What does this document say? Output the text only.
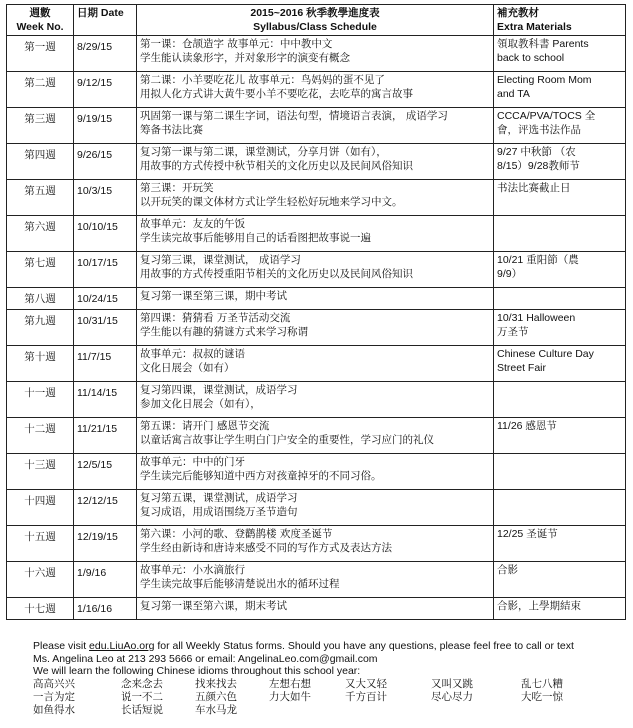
週數
Week No.	日期 Date	2015~2016 秋季教學進度表
Syllabus/Class Schedule	補充教材
Extra Materials

第一週	8/29/15	第一课：仓颉造字 故事单元：中中教中文
学生能认读象形字，并对象形字的演变有概念	領取教科書 Parents
back to school

第二週	9/12/15	第二课：小羊要吃花儿 故事单元：鸟妈妈的蛋不见了
用拟人化方式讲大黄牛要小羊不要吃花，去吃草的寓言故事	Electing Room Mom
and TA

第三週	9/19/15	巩固第一课与第二课生字词，语法句型，情境语言表演， 成语学习
筹备书法比赛	CCCA/PVA/TOCS 全
會，评选书法作品

第四週	9/26/15	复习第一课与第二课，课堂测试，分享月饼（如有），
用故事的方式传授中秋节相关的文化历史以及民间风俗知识	9/27 中秋節 （农
8/15）9/28教师节

第五週	10/3/15	第三课：开玩笑
以开玩笑的课文体材方式让学生轻松好玩地来学习中文。	书法比赛截止日

第六週	10/10/15	故事单元：友友的午饭
学生读完故事后能够用自己的话看图把故事说一遍	

第七週	10/17/15	复习第三课，课堂测试， 成语学习
用故事的方式传授重阳节相关的文化历史以及民间风俗知识	10/21 重阳節（農
9/9）

第八週	10/24/15	复习第一课至第三课，期中考试	

第九週	10/31/15	第四课：猜猜看 万圣节活动交流
学生能以有趣的猜谜方式来学习称谓	10/31 Halloween
万圣节

第十週	11/7/15	故事单元：叔叔的谜语
文化日展会（如有）	Chinese Culture Day
Street Fair

十一週	11/14/15	复习第四课，课堂测试，成语学习
参加文化日展会（如有），	

十二週	11/21/15	第五课：请开门 感恩节交流
以童话寓言故事让学生明白门户安全的重要性，学习应门的礼仪	11/26 感恩节

十三週	12/5/15	故事单元：中中的门牙
学生读完后能够知道中西方对孩童掉牙的不同习俗。	

十四週	12/12/15	复习第五课，课堂测试，成语学习
复习成语，用成语围绕万圣节造句	

十五週	12/19/15	第六课：小河的歌、登鹳鹊楼 欢度圣诞节
学生经由新诗和唐诗来感受不同的写作方式及表达方法	12/25 圣诞节

十六週	1/9/16	故事单元：小水滴旅行
学生读完故事后能够清楚说出水的循环过程	合影

十七週	1/16/16	复习第一课至第六课，期末考试	合影，上學期結束
Please visit edu.LiuAo.org for all Weekly Status forms. Should you have any questions, please feel free to call or text
Ms. Angelina Leo at 213 293 5666 or email: AngelinaLeo.com@gmail.com
We will learn the following Chinese idioms throughout this school year:
高高兴兴	念来念去	找来找去	左想右想	又大又轻	又叫又跳	乱七八糟
一言为定	说一不二	五颜六色	力大如牛	千方百计	尽心尽力	大吃一惊
如鱼得水	长话短说	车水马龙
